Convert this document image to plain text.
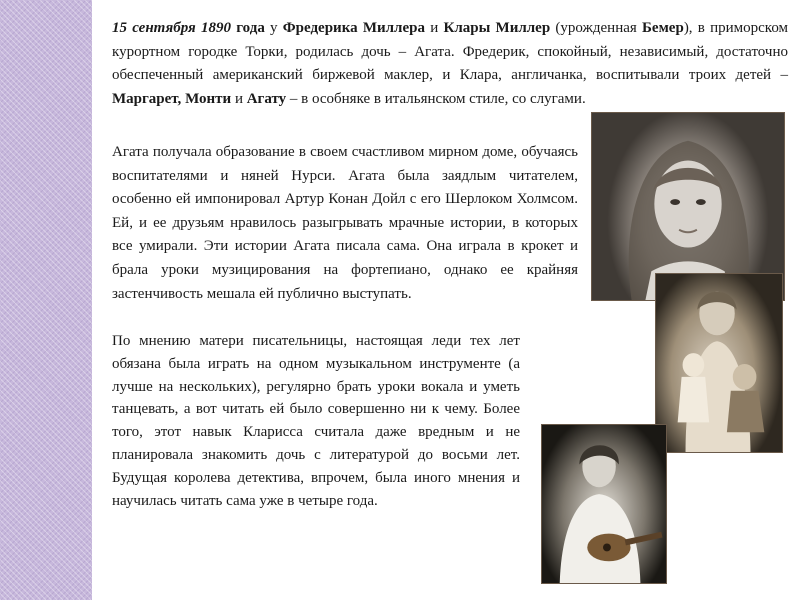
15 сентября 1890 года у Фредерика Миллера и Клары Миллер (урожденная Бемер), в приморском курортном городке Торки, родилась дочь – Агата. Фредерик, спокойный, независимый, достаточно обеспеченный американский биржевой маклер, и Клара, англичанка, воспитывали троих детей – Маргарет, Монти и Агату – в особняке в итальянском стиле, со слугами.

Агата получала образование в своем счастливом мирном доме, обучаясь воспитателями и няней Нурси. Агата была заядлым читателем, особенно ей импонировал Артур Конан Дойл с его Шерлоком Холмсом. Ей, и ее друзьям нравилось разыгрывать мрачные истории, в которых все умирали. Эти истории Агата писала сама. Она играла в крокет и брала уроки музицирования на фортепиано, однако ее крайняя застенчивость мешала ей публично выступать.

По мнению матери писательницы, настоящая леди тех лет обязана была играть на одном музыкальном инструменте (а лучше на нескольких), регулярно брать уроки вокала и уметь танцевать, а вот читать ей было совершенно ни к чему. Более того, этот навык Кларисса считала даже вредным и не планировала знакомить дочь с литературой до восьми лет. Будущая королева детектива, впрочем, была иного мнения и научилась читать сама уже в четыре года.
